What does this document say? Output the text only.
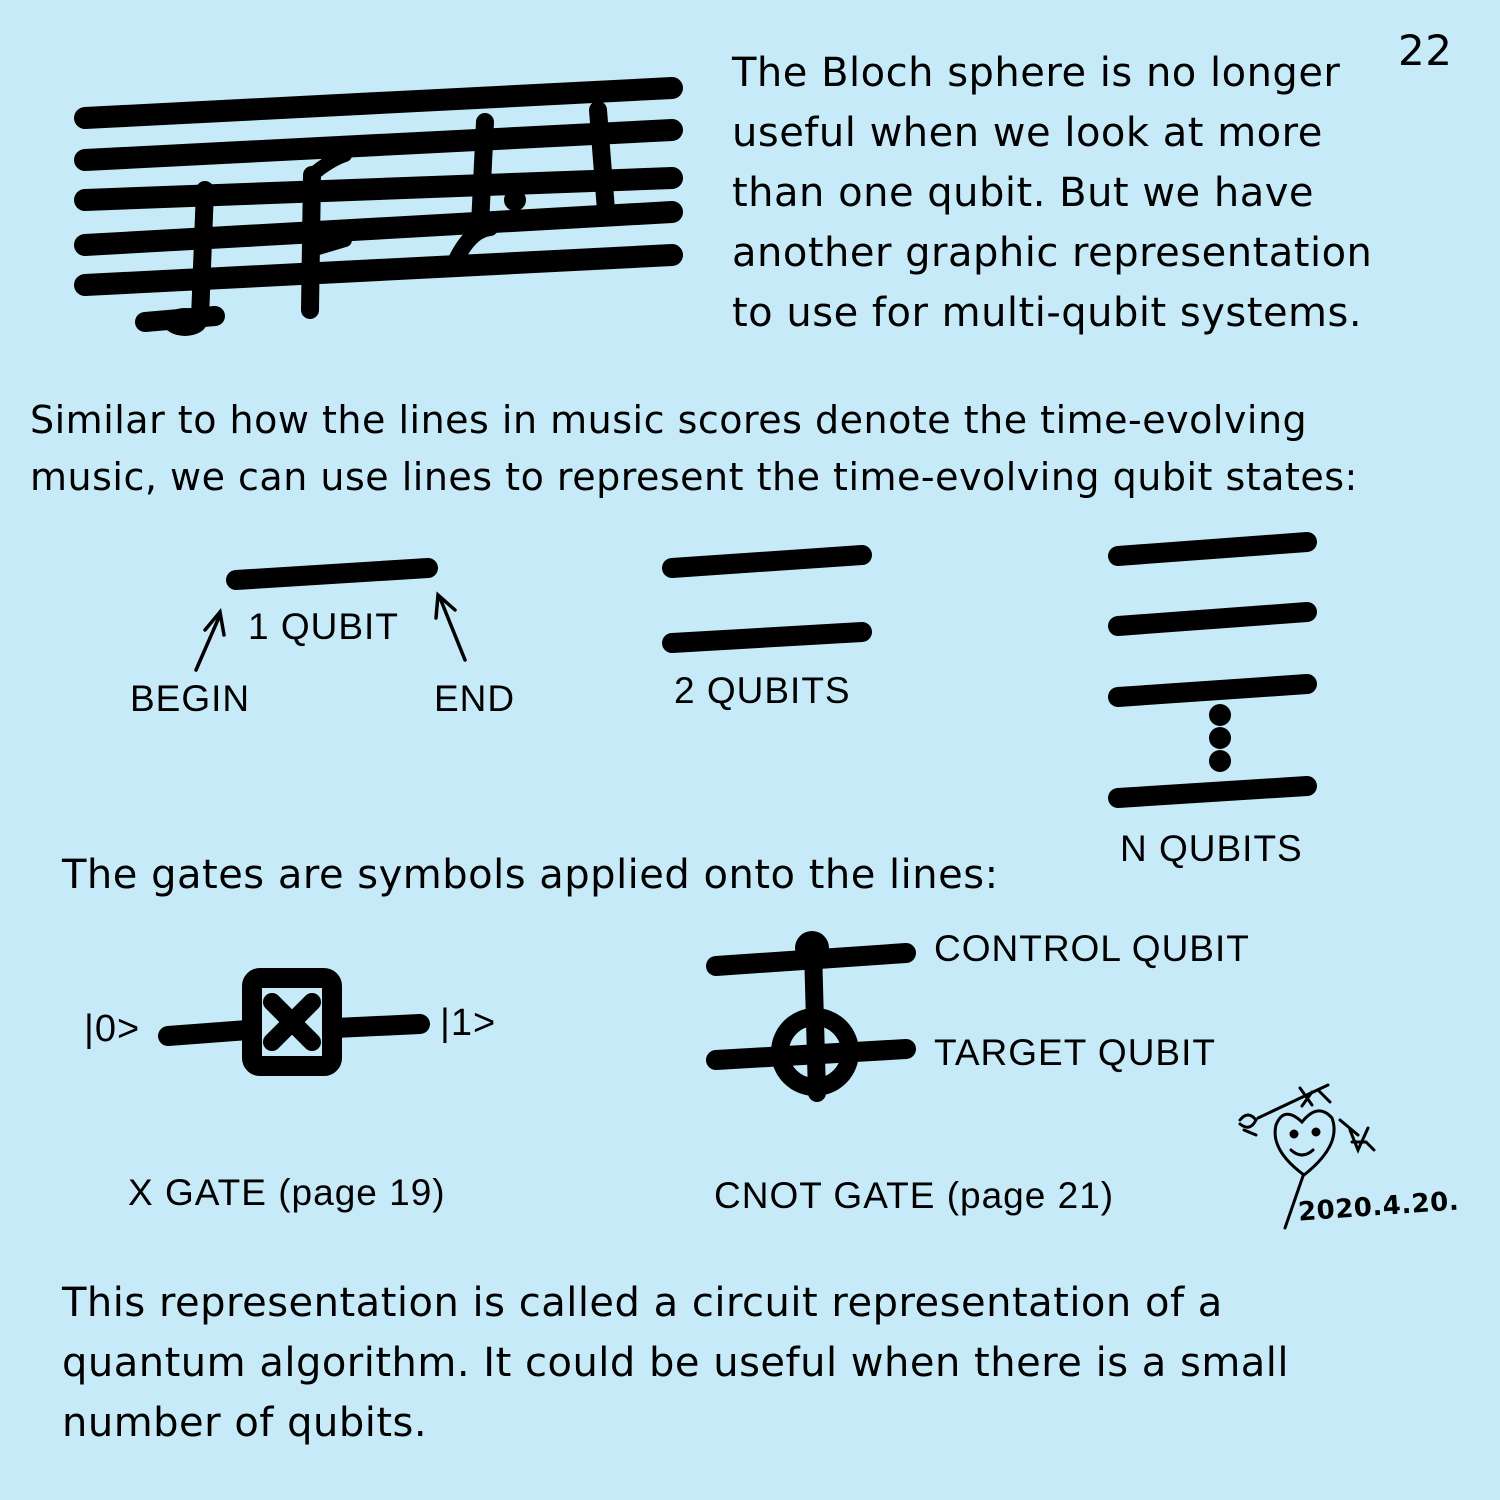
22
The Bloch sphere is no longer
useful when we look at more
than one qubit. But we have
another graphic representation
to use for multi-qubit systems.
Similar to how the lines in music scores denote the time-evolving
music, we can use lines to represent the time-evolving qubit states:
1 QUBIT
BEGIN	END	2 QUBITS
N QUBITS
The gates are symbols applied onto the lines:
|0>	|1>
X GATE (page 19)
CONTROL QUBIT
TARGET QUBIT
CNOT GATE (page 21)	2020.4.20.
This representation is called a circuit representation of a
quantum algorithm. It could be useful when there is a small
number of qubits.
